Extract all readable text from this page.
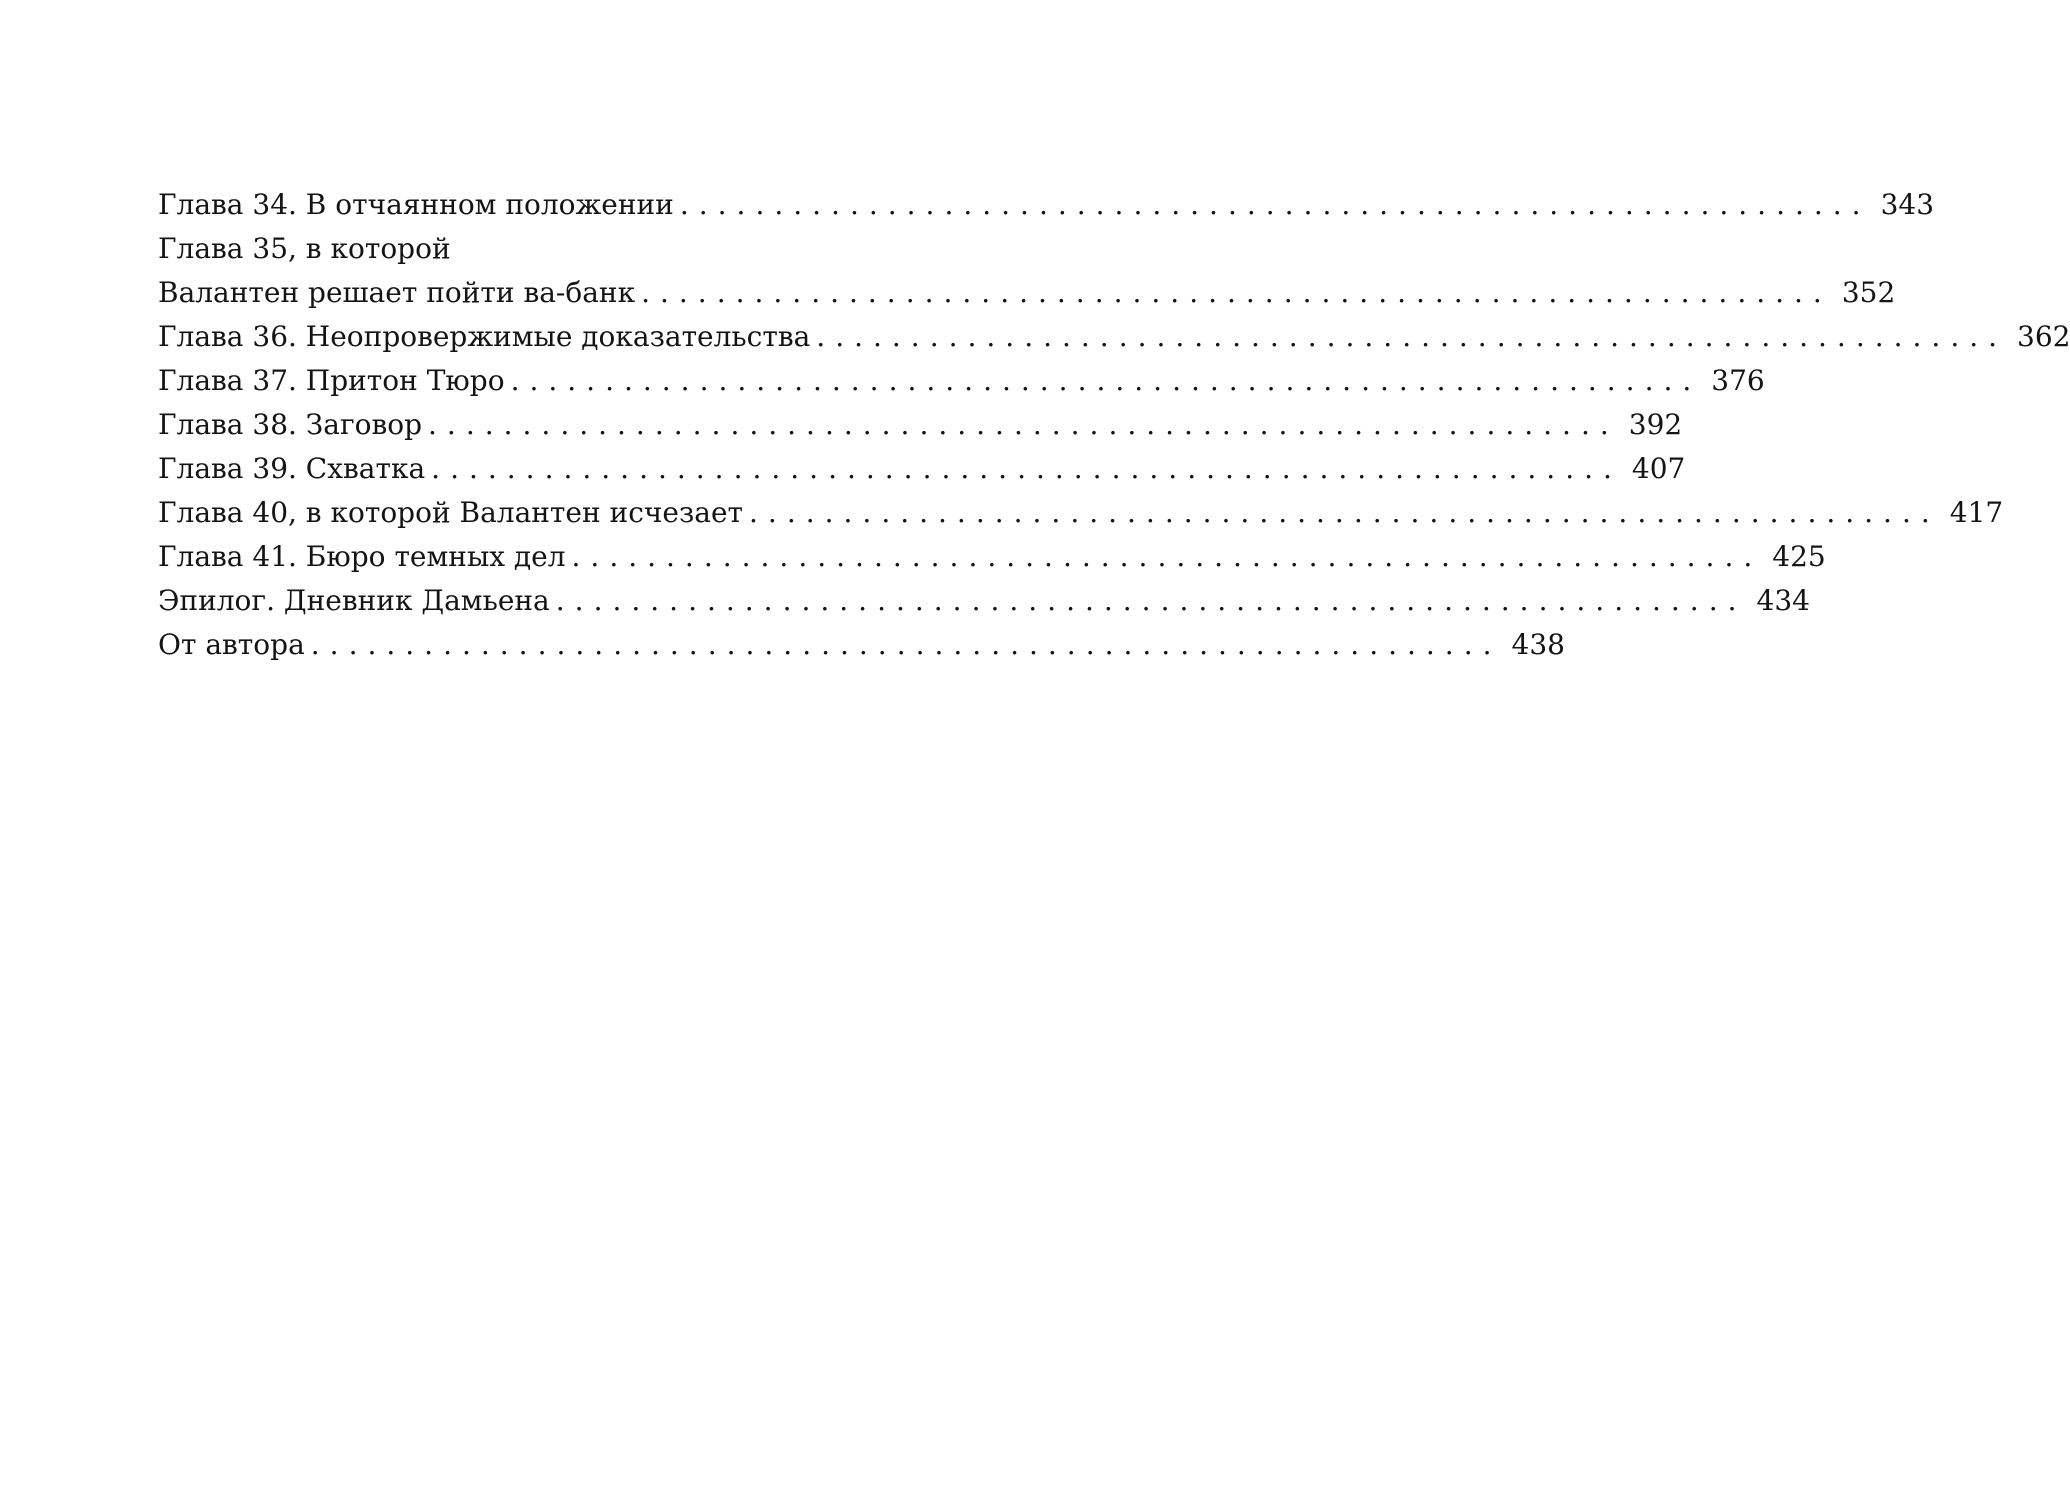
Глава 34. В отчаянном положении ............................................................... 343
Глава 35, в которой
Валантен решает пойти ва-банк ............................................................... 352
Глава 36. Неопровержимые доказательства ............................................................... 362
Глава 37. Притон Тюро ............................................................... 376
Глава 38. Заговор ............................................................... 392
Глава 39. Схватка ............................................................... 407
Глава 40, в которой Валантен исчезает ............................................................... 417
Глава 41. Бюро темных дел ............................................................... 425
Эпилог. Дневник Дамьена ............................................................... 434
От автора ............................................................... 438
